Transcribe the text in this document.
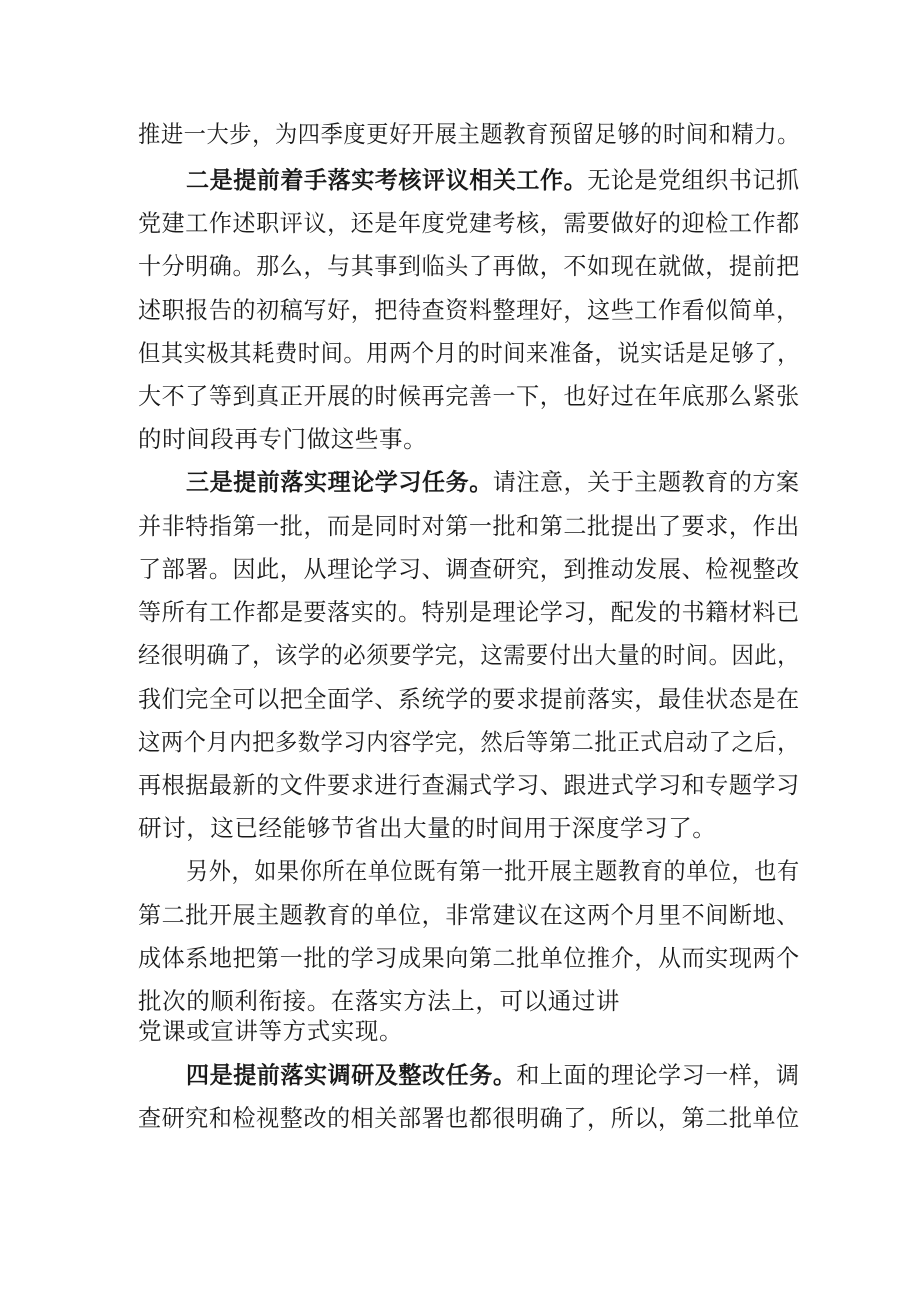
推进一大步，为四季度更好开展主题教育预留足够的时间和精力。
二是提前着手落实考核评议相关工作。无论是党组织书记抓
党建工作述职评议，还是年度党建考核，需要做好的迎检工作都
十分明确。那么，与其事到临头了再做，不如现在就做，提前把
述职报告的初稿写好，把待查资料整理好，这些工作看似简单，
但其实极其耗费时间。用两个月的时间来准备，说实话是足够了，
大不了等到真正开展的时候再完善一下，也好过在年底那么紧张
的时间段再专门做这些事。
三是提前落实理论学习任务。请注意，关于主题教育的方案
并非特指第一批，而是同时对第一批和第二批提出了要求，作出
了部署。因此，从理论学习、调查研究，到推动发展、检视整改
等所有工作都是要落实的。特别是理论学习，配发的书籍材料已
经很明确了，该学的必须要学完，这需要付出大量的时间。因此，
我们完全可以把全面学、系统学的要求提前落实，最佳状态是在
这两个月内把多数学习内容学完，然后等第二批正式启动了之后，
再根据最新的文件要求进行查漏式学习、跟进式学习和专题学习
研讨，这已经能够节省出大量的时间用于深度学习了。
另外，如果你所在单位既有第一批开展主题教育的单位，也有
第二批开展主题教育的单位，非常建议在这两个月里不间断地、
成体系地把第一批的学习成果向第二批单位推介，从而实现两个
批次的顺利衔接。在落实方法上，可以通过讲
党课或宣讲等方式实现。
四是提前落实调研及整改任务。和上面的理论学习一样，调
查研究和检视整改的相关部署也都很明确了，所以，第二批单位
